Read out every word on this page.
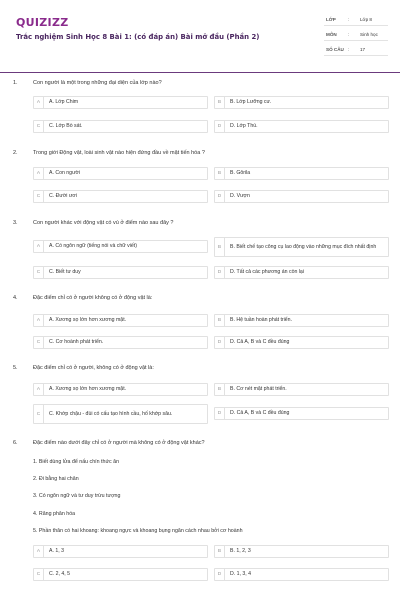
QUIZIZZ
Trắc nghiệm Sinh Học 8 Bài 1: (có đáp án) Bài mở đầu (Phần 2)
LỚP	: Lớp 8
MÔN : Sinh học
SỐ CÂU : 17
1.	Con người là một trong những đại diện của lớp nào?
A	A. Lớp Chim	B	B. Lớp Lưỡng cư.
C	C. Lớp Bò sát.	D	D. Lớp Thú.
2.	Trong giới Động vật, loài sinh vật nào hiện đứng đầu về mặt tiến hóa ?
A	A. Con người	B	B. Gôrila
C	C. Đười ươi	D	D. Vượn
3.	Con người khác với động vật có vú ở điểm nào sau đây ?
A	A. Có ngôn ngữ (tiếng nói và chữ viết)	B	B. Biết chế tạo công cụ lao động vào những mục đích nhất định
C	C. Biết tư duy	D	D. Tất cả các phương án còn lại
4.	Đặc điểm chỉ có ở người không có ở động vật là:
A	A. Xương sọ lớn hơn xương mặt.	B	B. Hệ tuần hoàn phát triển.
C	C. Cơ hoành phát triển.	D	D. Cả A, B và C đều đúng
5.	Đặc điểm chỉ có ở người, không có ở động vật là:
A	A. Xương sọ lớn hơn xương mặt.	B	B. Cơ nét mặt phát triển.
C	C. Khớp chậu - đùi có cấu tạo hình cầu, hố khớp sâu.	D	D. Cả A, B và C đều đúng
6.	Đặc điểm nào dưới đây chỉ có ở người mà không có ở động vật khác?
1. Biết dùng lửa để nấu chín thức ăn
2. Đi bằng hai chân
3. Có ngôn ngữ và tư duy trừu tượng
4. Răng phân hóa
5. Phần thân có hai khoang: khoang ngực và khoang bụng ngăn cách nhau bởi cơ hoành
A	A. 1, 3	B	B. 1, 2, 3
C	C. 2, 4, 5	D	D. 1, 3, 4
